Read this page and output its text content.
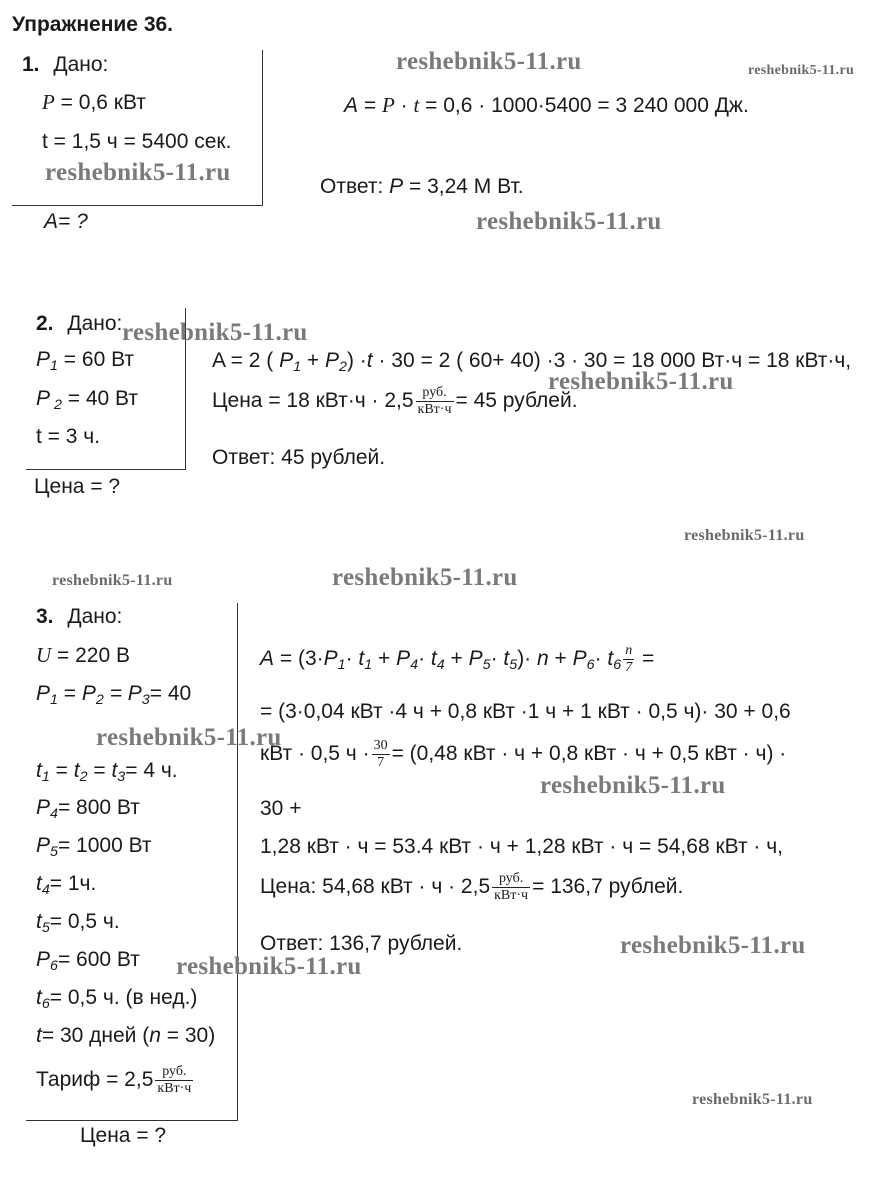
Упражнение 36.
1. Дано:
P = 0,6 кВт
t = 1,5 ч = 5400 сек.
A= ?
A = P · t = 0,6 · 1000·5400 = 3 240 000 Дж.
Ответ: P = 3,24 М Вт.
2. Дано:
$P_1 = 60$ Вт
P $_2$ = 40 Вт
t = 3 ч.
Цена = ?
A = 2 ( $P_1 + P_2) \cdot t \cdot 30 = 2$ ( 60+ 40) ·3 · 30 = 18 000 Вт·ч = 18 кВт·ч,
Цена = 18 $кВт\cdot ч \cdot 2,5 \frac{\text{руб.}}{\text{кВт·ч}} = 45$ рублей.
Ответ: 45 рублей.
3. Дано:
U = 220 В
$P_1 = P_2 = P_3= 40$
$t_1 = t_2 = t_3= 4$ ч.
$P_4= 800$ Вт
$P_5= 1000$ Вт
$t_4= 1ч$.
$t_5= 0,5$ ч.
$P_6= 600$ Вт
$t_6= 0,5$ ч. (в нед.)
t= 30 дней (n = 30)
Тариф = $2,5 \frac{\text{руб.}}{\text{кВт·ч}}$
Цена = ?
$A = (3\cdot P_1\cdot t_1 + P_4\cdot t_4 + P_5\cdot t_5)\cdot n + P_6\cdot t_6 \frac{n}{7}$ =
= (3·0,04 кВт ·4 ч + 0,8 кВт ·1 ч + 1 кВт · 0,5 ч)· 30 + 0,6
кВт · 0,5 $ч \cdot \frac{30}{7} = (0,48$ кВт · ч + 0,8 кВт · ч + 0,5 кВт · ч) ·
30 +
1,28 кВт · ч = 53.4 кВт · ч + 1,28 кВт · ч = 54,68 кВт · ч,
Цена: 54,68 кВт · $ч \cdot 2,5 \frac{\text{руб.}}{\text{кВт·ч}} = 136,7$ рублей.
Ответ: 136,7 рублей.
reshebnik5-11.ru	reshebnik5-11.ru
reshebnik5-11.ru
reshebnik5-11.ru
reshebnik5-11.ru
reshebnik5-11.ru
reshebnik5-11.ru
reshebnik5-11.ru	reshebnik5-11.ru
reshebnik5-11.ru
reshebnik5-11.ru
reshebnik5-11.ru
reshebnik5-11.ru
reshebnik5-11.ru
